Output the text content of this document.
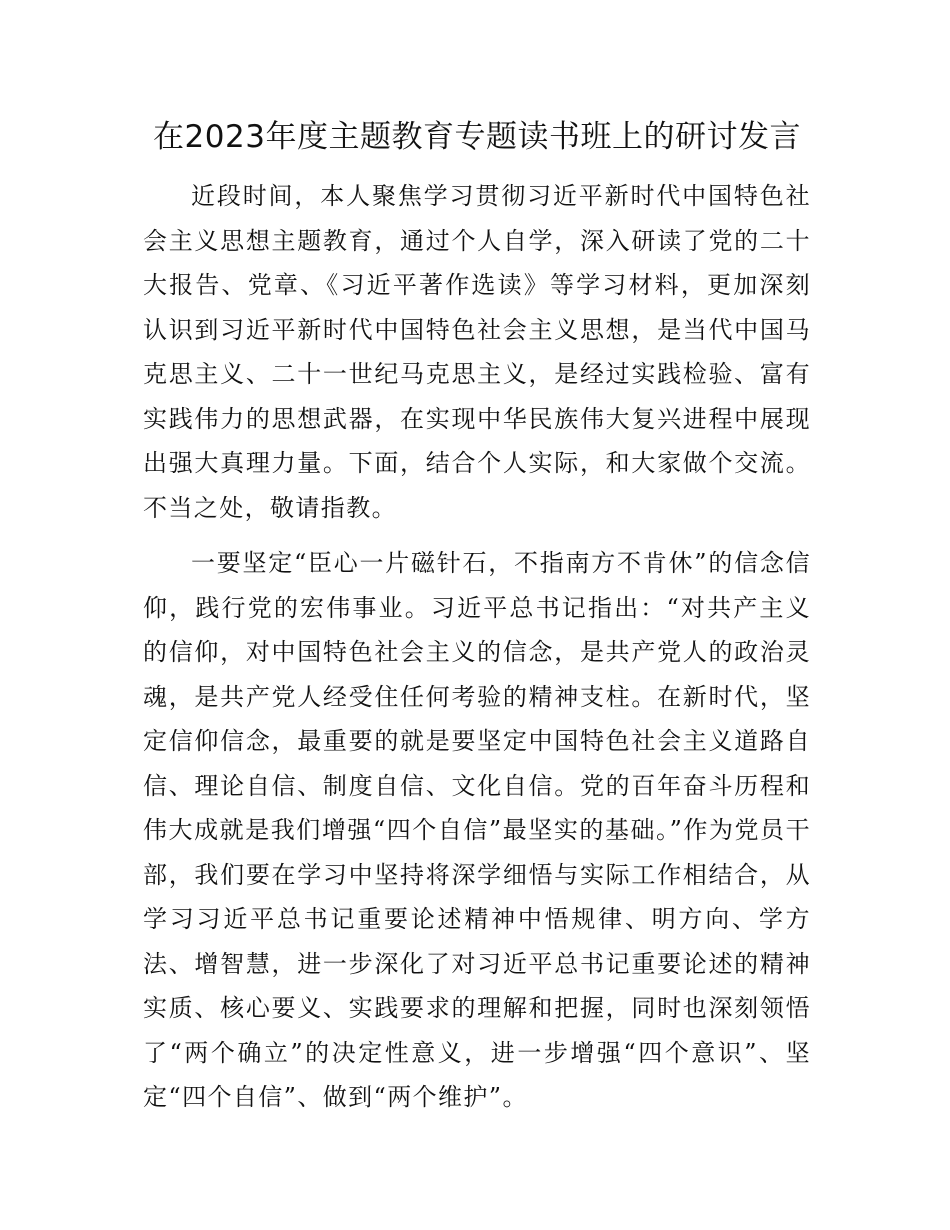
在2023年度主题教育专题读书班上的研讨发言

近段时间，本人聚焦学习贯彻习近平新时代中国特色社会主义思想主题教育，通过个人自学，深入研读了党的二十大报告、党章、《习近平著作选读》等学习材料，更加深刻认识到习近平新时代中国特色社会主义思想，是当代中国马克思主义、二十一世纪马克思主义，是经过实践检验、富有实践伟力的思想武器，在实现中华民族伟大复兴进程中展现出强大真理力量。下面，结合个人实际，和大家做个交流。不当之处，敬请指教。

一要坚定“臣心一片磁针石，不指南方不肯休”的信念信仰，践行党的宏伟事业。习近平总书记指出：“对共产主义的信仰，对中国特色社会主义的信念，是共产党人的政治灵魂，是共产党人经受住任何考验的精神支柱。在新时代，坚定信仰信念，最重要的就是要坚定中国特色社会主义道路自信、理论自信、制度自信、文化自信。党的百年奋斗历程和伟大成就是我们增强“四个自信”最坚实的基础。”作为党员干部，我们要在学习中坚持将深学细悟与实际工作相结合，从学习习近平总书记重要论述精神中悟规律、明方向、学方法、增智慧，进一步深化了对习近平总书记重要论述的精神实质、核心要义、实践要求的理解和把握，同时也深刻领悟了“两个确立”的决定性意义，进一步增强“四个意识”、坚定“四个自信”、做到“两个维护”。
